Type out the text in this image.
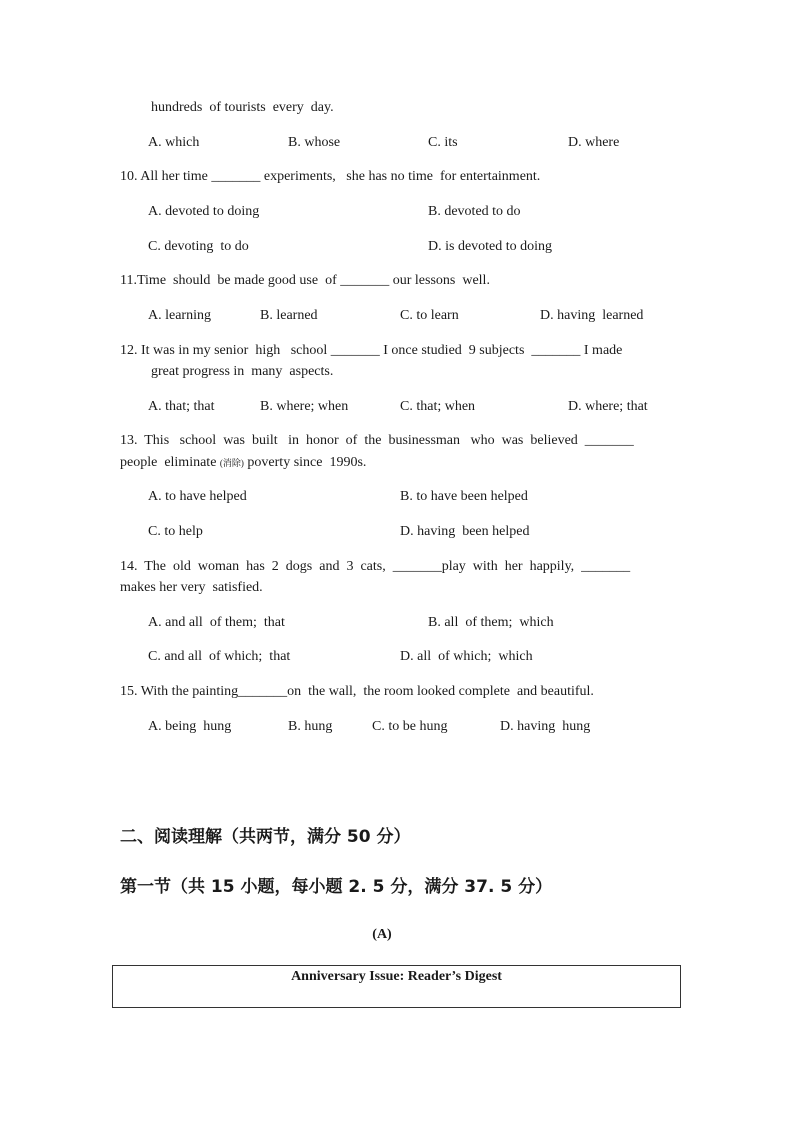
hundreds  of tourists  every  day.
A. which	B. whose	C. its	D. where
10. All her time _______ experiments,   she has no time  for entertainment.
A. devoted to doing	B. devoted to do
C. devoting  to do	D. is devoted to doing
11.Time  should  be made good use  of _______ our lessons  well.
A. learning	B. learned	C. to learn	D. having  learned
12. It was in my senior  high   school _______ I once studied  9 subjects  _______ I made
great progress in  many  aspects.
A. that; that	B. where; when	C. that; when	D. where; that
13.  This   school  was  built   in  honor  of  the  businessman   who  was  believed  _______
people  eliminate (消除) poverty since  1990s.
A. to have helped	B. to have been helped
C. to help	D. having  been helped
14.  The  old  woman  has  2  dogs  and  3  cats,  _______play  with  her  happily,  _______
makes her very  satisfied.
A. and all  of them;  that	B. all  of them;  which
C. and all  of which;  that	D. all  of which;  which
15. With the painting_______on  the wall,  the room looked complete  and beautiful.
A. being  hung	B. hung	C. to be hung	D. having  hung
二、阅读理解（共两节，满分 50 分）
第一节（共 15 小题，每小题 2. 5 分，满分 37. 5 分）
(A)
Anniversary Issue: Reader’s Digest
